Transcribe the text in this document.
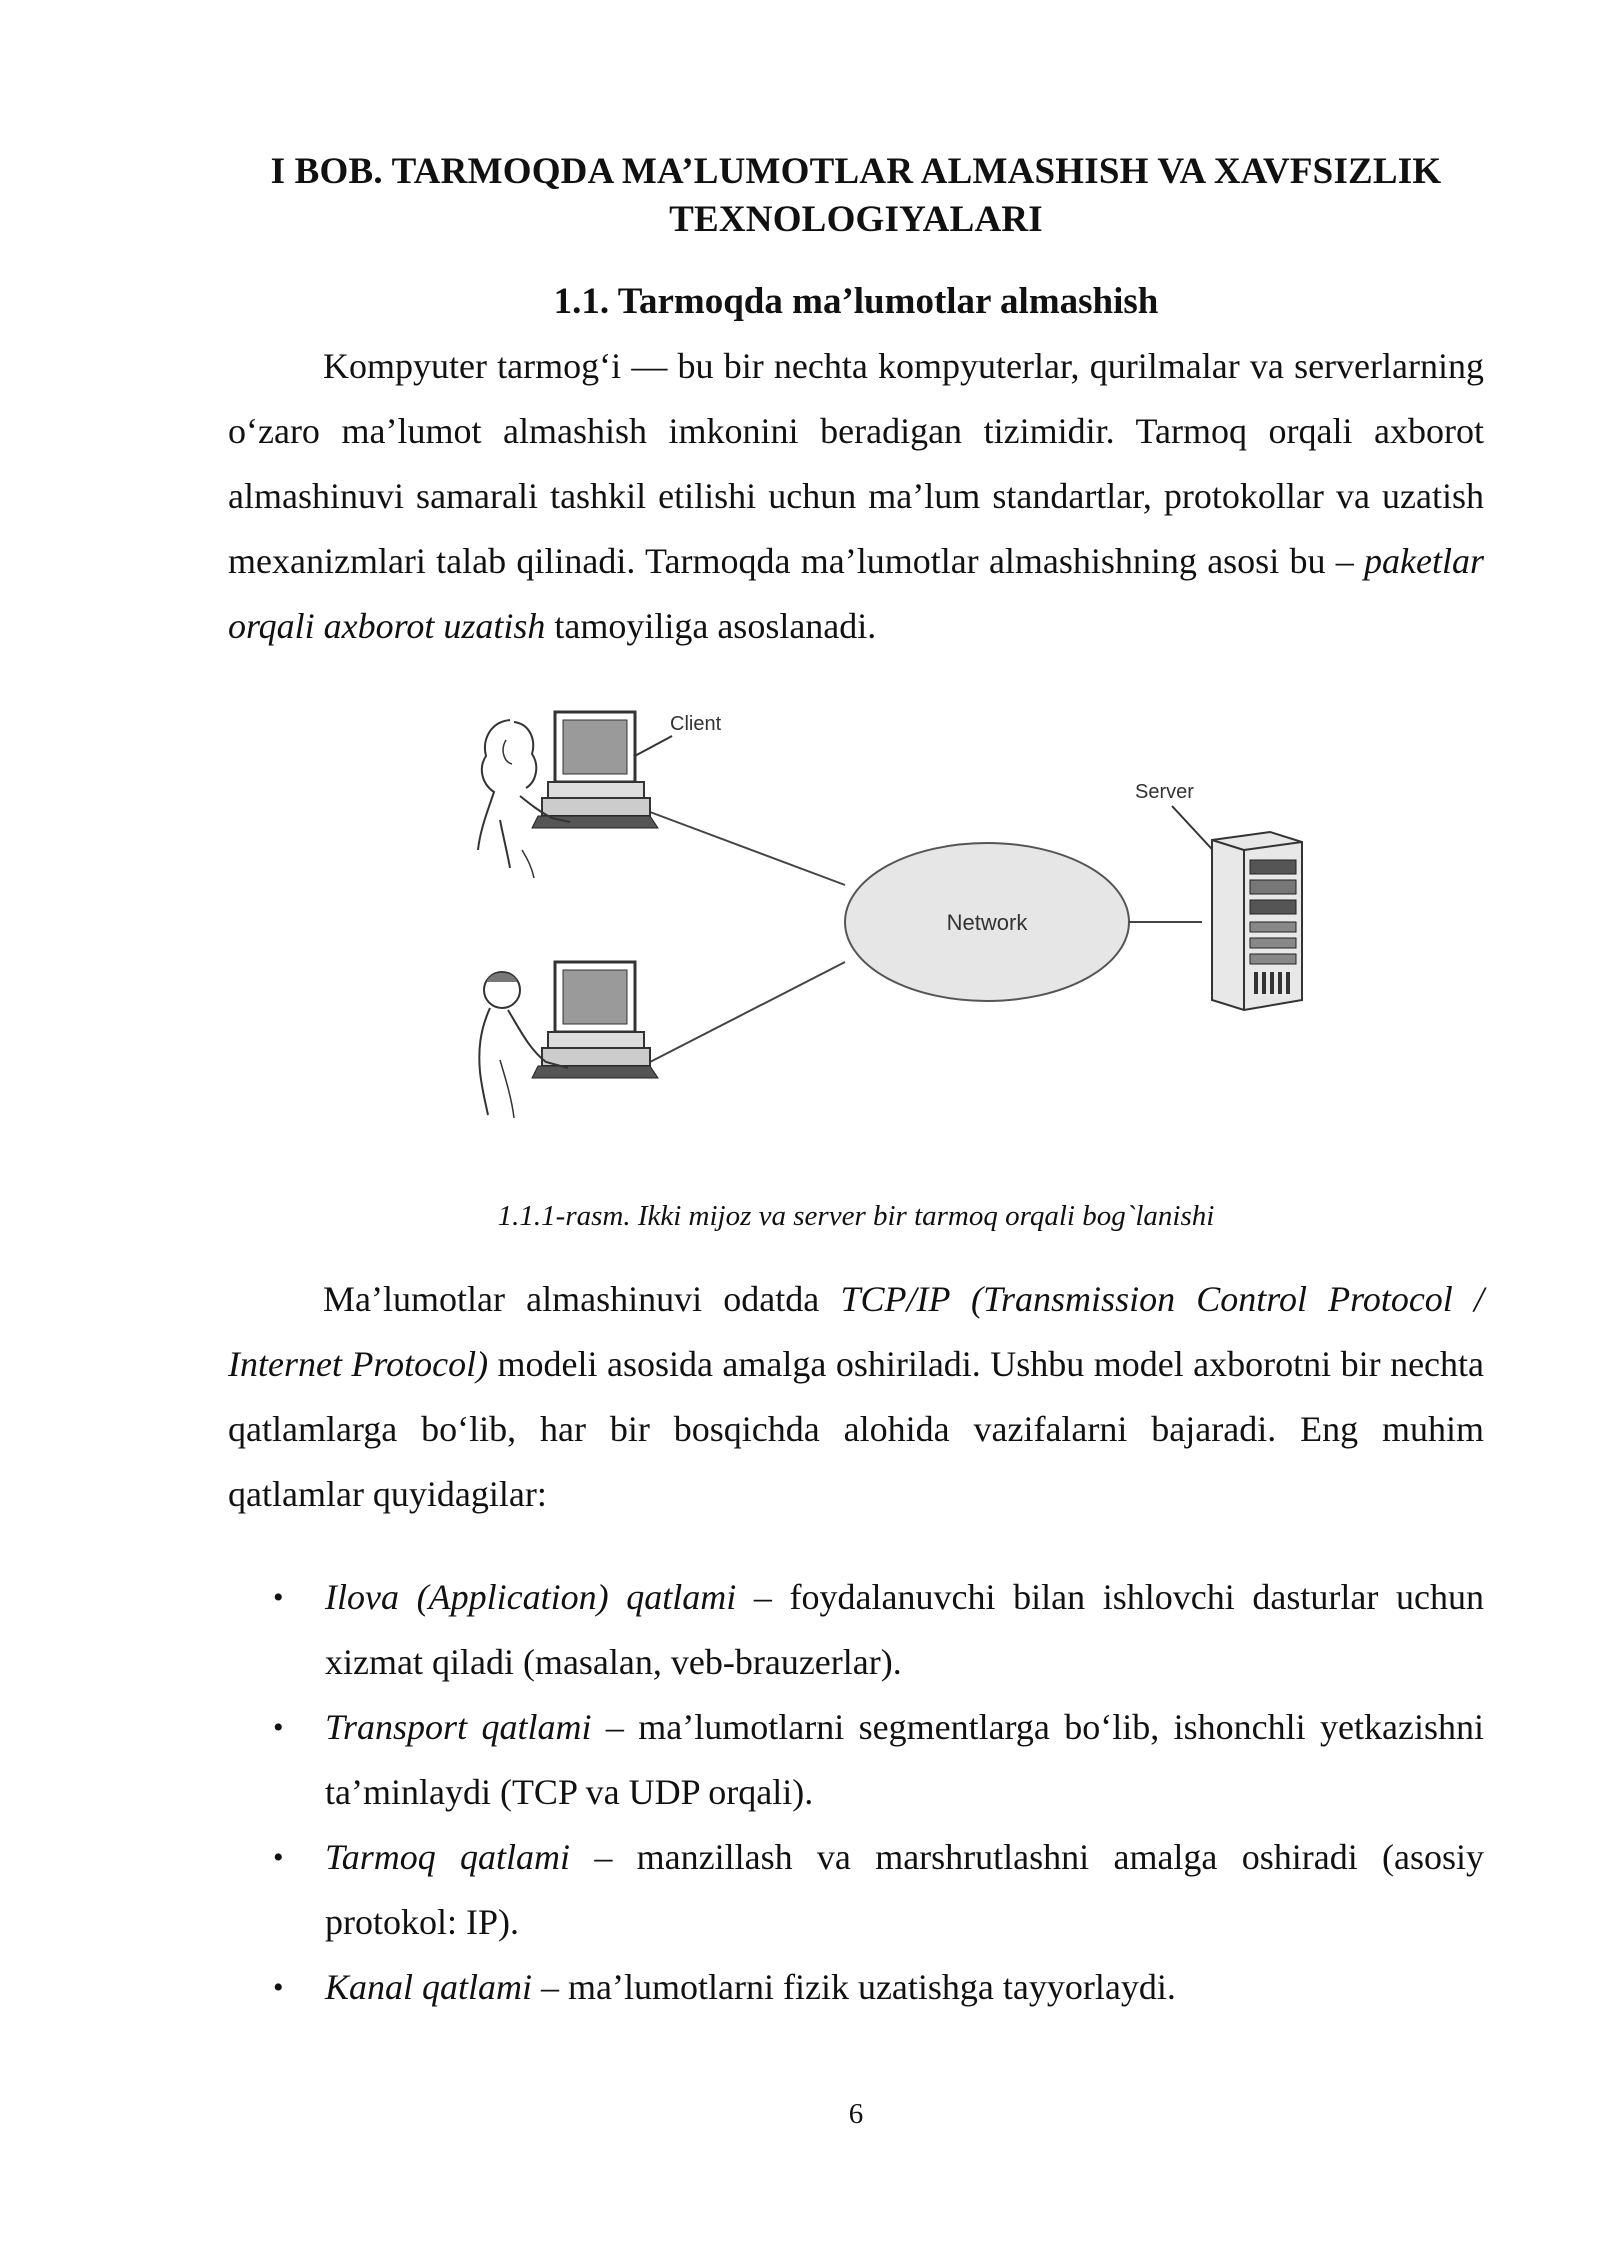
I BOB. TARMOQDA MA’LUMOTLAR ALMASHISH VA XAVFSIZLIK
TEXNOLOGIYALARI
1.1. Tarmoqda ma’lumotlar almashish

Kompyuter tarmog‘i — bu bir nechta kompyuterlar, qurilmalar va serverlarning o‘zaro ma’lumot almashish imkonini beradigan tizimidir. Tarmoq orqali axborot almashinuvi samarali tashkil etilishi uchun ma’lum standartlar, protokollar va uzatish mexanizmlari talab qilinadi. Tarmoqda ma’lumotlar almashishning asosi bu – paketlar orqali axborot uzatish tamoyiliga asoslanadi.

Network
Client
Server
1.1.1-rasm. Ikki mijoz va server bir tarmoq orqali bog`lanishi

Ma’lumotlar almashinuvi odatda TCP/IP (Transmission Control Protocol / Internet Protocol) modeli asosida amalga oshiriladi. Ushbu model axborotni bir nechta qatlamlarga bo‘lib, har bir bosqichda alohida vazifalarni bajaradi. Eng muhim qatlamlar quyidagilar:

• Ilova (Application) qatlami – foydalanuvchi bilan ishlovchi dasturlar uchun xizmat qiladi (masalan, veb-brauzerlar).
• Transport qatlami – ma’lumotlarni segmentlarga bo‘lib, ishonchli yetkazishni ta’minlaydi (TCP va UDP orqali).
• Tarmoq qatlami – manzillash va marshrutlashni amalga oshiradi (asosiy protokol: IP).
• Kanal qatlami – ma’lumotlarni fizik uzatishga tayyorlaydi.
6
